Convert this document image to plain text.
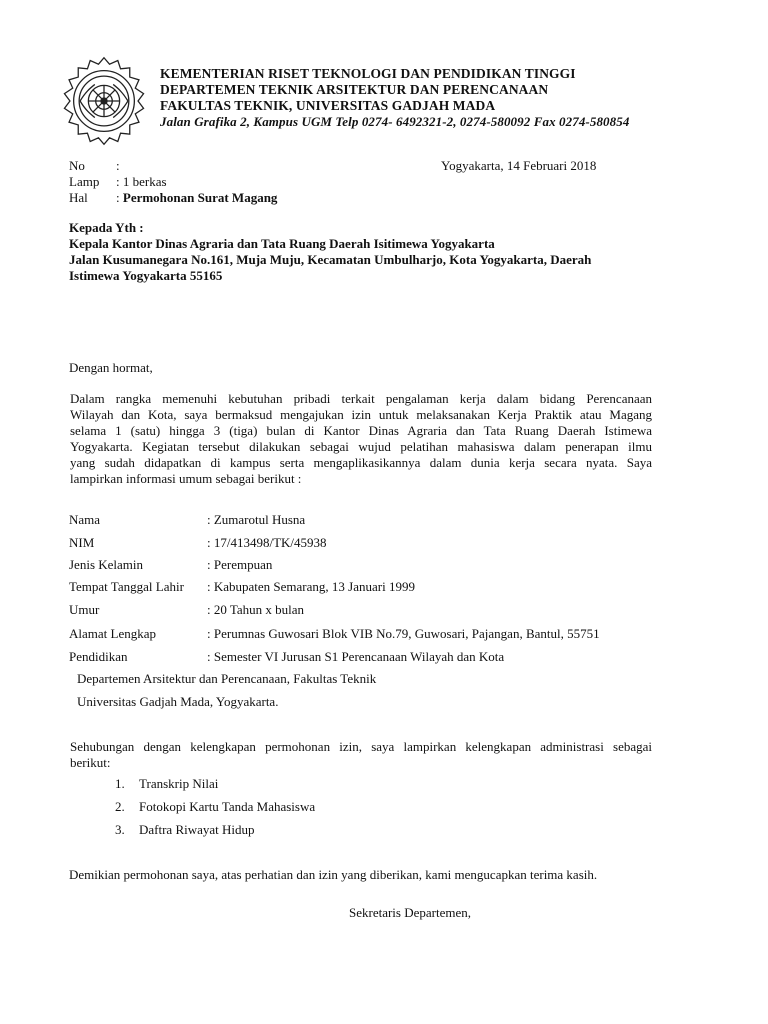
KEMENTERIAN RISET TEKNOLOGI DAN PENDIDIKAN TINGGI
DEPARTEMEN TEKNIK ARSITEKTUR DAN PERENCANAAN
FAKULTAS TEKNIK, UNIVERSITAS GADJAH MADA
Jalan Grafika 2, Kampus UGM Telp 0274- 6492321-2, 0274-580092 Fax 0274-580854
No :	Yogyakarta, 14 Februari 2018
Lamp : 1 berkas
Hal : Permohonan Surat Magang
Kepada Yth :
Kepala Kantor Dinas Agraria dan Tata Ruang Daerah Isitimewa Yogyakarta
Jalan Kusumanegara No.161, Muja Muju, Kecamatan Umbulharjo, Kota Yogyakarta, Daerah
Istimewa Yogyakarta 55165
Dengan hormat,
Dalam rangka memenuhi kebutuhan pribadi terkait pengalaman kerja dalam bidang Perencanaan
Wilayah dan Kota, saya bermaksud mengajukan izin untuk melaksanakan Kerja Praktik atau Magang
selama 1 (satu) hingga 3 (tiga) bulan di Kantor Dinas Agraria dan Tata Ruang Daerah Istimewa
Yogyakarta. Kegiatan tersebut dilakukan sebagai wujud pelatihan mahasiswa dalam penerapan ilmu
yang sudah didapatkan di kampus serta mengaplikasikannya dalam dunia kerja secara nyata. Saya
lampirkan informasi umum sebagai berikut :
Nama	: Zumarotul Husna
NIM	: 17/413498/TK/45938
Jenis Kelamin	: Perempuan
Tempat Tanggal Lahir : Kabupaten Semarang, 13 Januari 1999
Umur	: 20 Tahun x bulan
Alamat Lengkap	: Perumnas Guwosari Blok VIB No.79, Guwosari, Pajangan, Bantul, 55751
Pendidikan	: Semester VI Jurusan S1 Perencanaan Wilayah dan Kota
Departemen Arsitektur dan Perencanaan, Fakultas Teknik
Universitas Gadjah Mada, Yogyakarta.
Sehubungan dengan kelengkapan permohonan izin, saya lampirkan kelengkapan administrasi sebagai
berikut:
1. Transkrip Nilai
2. Fotokopi Kartu Tanda Mahasiswa
3. Daftra Riwayat Hidup
Demikian permohonan saya, atas perhatian dan izin yang diberikan, kami mengucapkan terima kasih.
Sekretaris Departemen,
